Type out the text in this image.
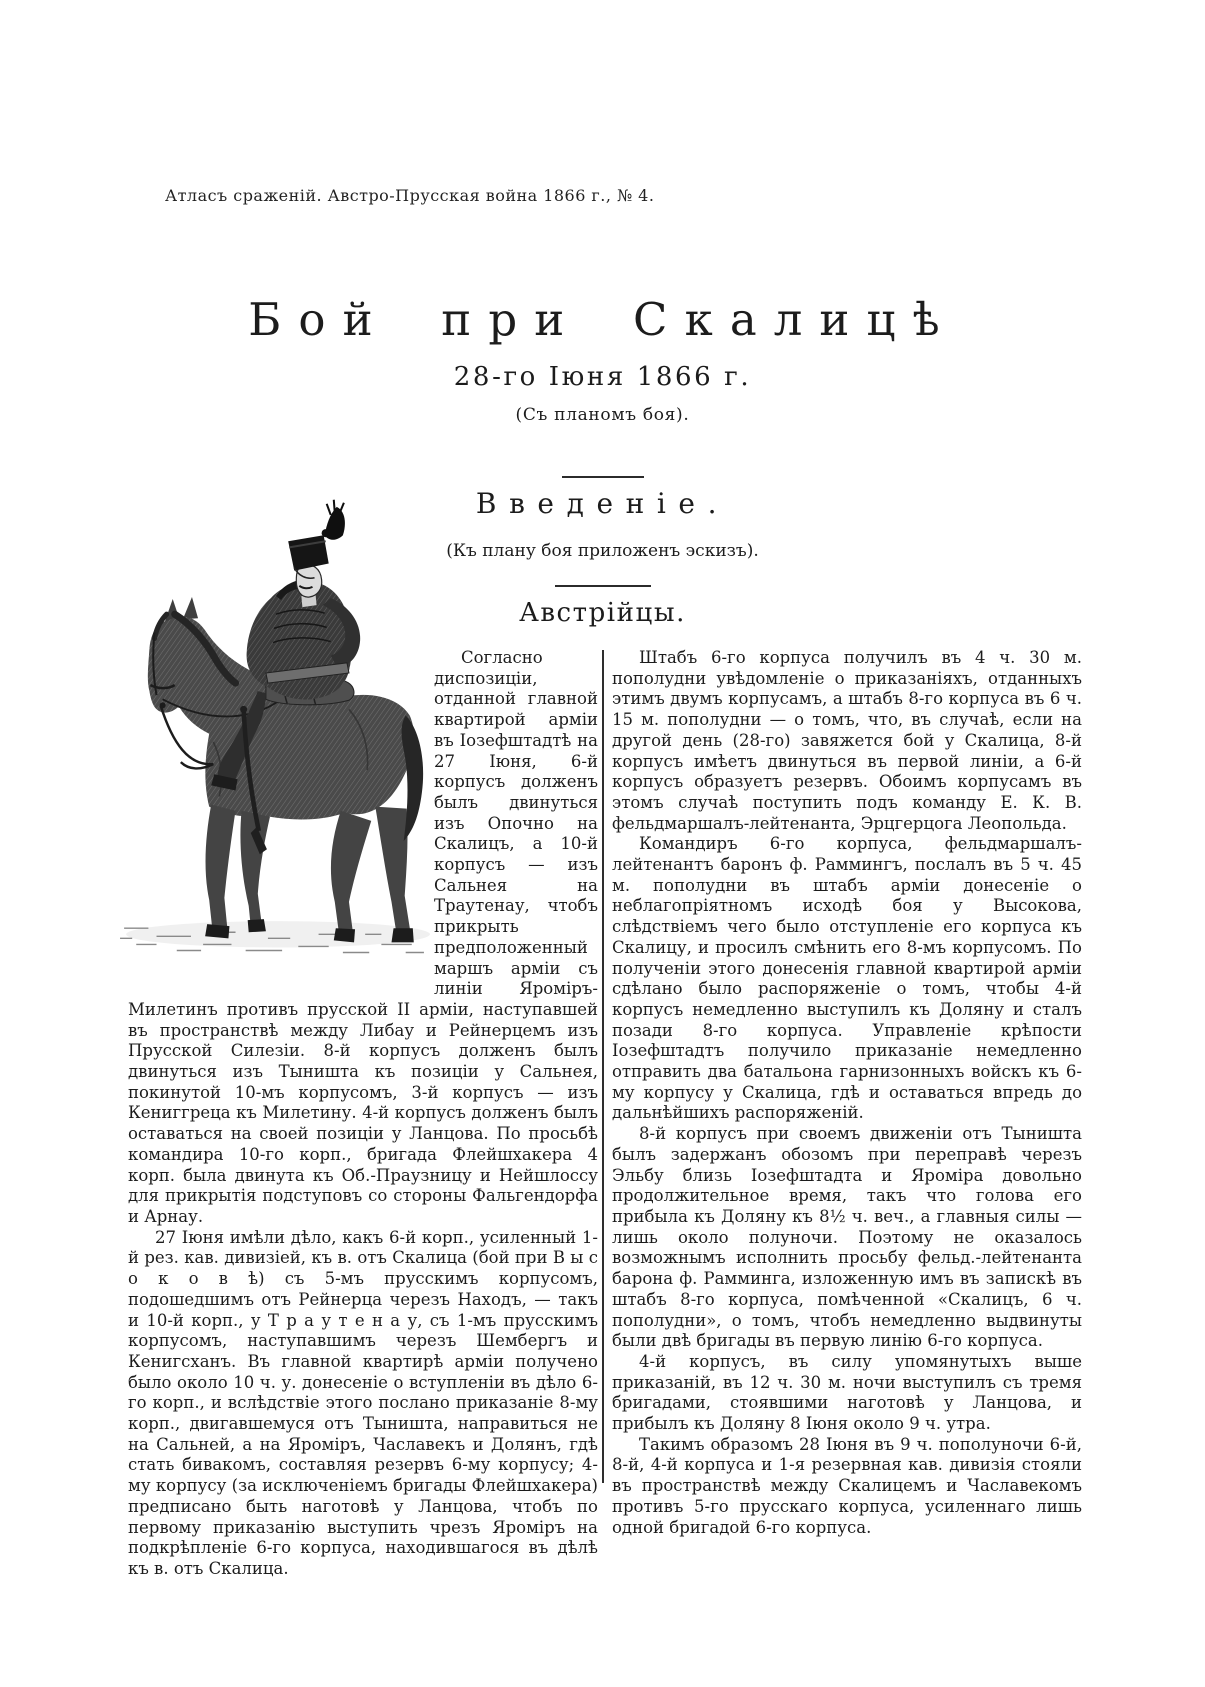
Атласъ сраженій. Австро-Прусская война 1866 г., № 4.
Бой при Скалицѣ
28-го Іюня 1866 г.
(Съ планомъ боя).
Введеніе.
(Къ плану боя приложенъ эскизъ).
Австрійцы.

Согласно диспозиціи, отданной главной квартирой арміи въ Іозефштадтѣ на 27 Іюня, 6-й корпусъ долженъ былъ двинуться изъ Опочно на Скалицъ, а 10-й корпусъ — изъ Сальнея на Траутенау, чтобъ прикрыть предположенный маршъ арміи съ линіи Яроміръ-Милетинъ противъ прусской II арміи, наступавшей въ пространствѣ между Либау и Рейнерцемъ изъ Прусской Силезіи. 8-й корпусъ долженъ былъ двинуться изъ Тыништа къ позиціи у Сальнея, покинутой 10-мъ корпусомъ, 3-й корпусъ — изъ Кениггреца къ Милетину. 4-й корпусъ долженъ былъ оставаться на своей позиціи у Ланцова. По просьбѣ командира 10-го корп., бригада Флейшхакера 4 корп. была двинута къ Об.-Праузницу и Нейшлоссу для прикрытія подступовъ со стороны Фальгендорфа и Арнау.

27 Іюня имѣли дѣло, какъ 6-й корп., усиленный 1-й рез. кав. дивизіей, къ в. отъ Скалица (бой при В ы с о к о в ѣ) съ 5-мъ прусскимъ корпусомъ, подошедшимъ отъ Рейнерца черезъ Находъ, — такъ и 10-й корп., у Т р а у т е н а у, съ 1-мъ прусскимъ корпусомъ, наступавшимъ черезъ Шембергъ и Кенигсханъ. Въ главной квартирѣ арміи получено было около 10 ч. у. донесеніе о вступленіи въ дѣло 6-го корп., и вслѣдствіе этого послано приказаніе 8-му корп., двигавшемуся отъ Тыништа, направиться не на Сальней, а на Яроміръ, Чаславекъ и Долянъ, гдѣ стать бивакомъ, составляя резервъ 6-му корпусу; 4-му корпусу (за исключеніемъ бригады Флейшхакера) предписано быть наготовѣ у Ланцова, чтобъ по первому приказанію выступить чрезъ Яроміръ на подкрѣпленіе 6-го корпуса, находившагося въ дѣлѣ къ в. отъ Скалица.

Штабъ 6-го корпуса получилъ въ 4 ч. 30 м. пополудни увѣдомленіе о приказаніяхъ, отданныхъ этимъ двумъ корпусамъ, а штабъ 8-го корпуса въ 6 ч. 15 м. пополудни — о томъ, что, въ случаѣ, если на другой день (28-го) завяжется бой у Скалица, 8-й корпусъ имѣетъ двинуться въ первой линіи, а 6-й корпусъ образуетъ резервъ. Обоимъ корпусамъ въ этомъ случаѣ поступить подъ команду Е. К. В. фельдмаршалъ-лейтенанта, Эрцгерцога Леопольда.

Командиръ 6-го корпуса, фельдмаршалъ-лейтенантъ баронъ ф. Раммингъ, послалъ въ 5 ч. 45 м. пополудни въ штабъ арміи донесеніе о неблагопріятномъ исходѣ боя у Высокова, слѣдствіемъ чего было отступленіе его корпуса къ Скалицу, и просилъ смѣнить его 8-мъ корпусомъ. По полученіи этого донесенія главной квартирой арміи сдѣлано было распоряженіе о томъ, чтобы 4-й корпусъ немедленно выступилъ къ Доляну и сталъ позади 8-го корпуса. Управленіе крѣпости Іозефштадтъ получило приказаніе немедленно отправить два батальона гарнизонныхъ войскъ къ 6-му корпусу у Скалица, гдѣ и оставаться впредь до дальнѣйшихъ распоряженій.

8-й корпусъ при своемъ движеніи отъ Тыништа былъ задержанъ обозомъ при переправѣ черезъ Эльбу близь Іозефштадта и Яроміра довольно продолжительное время, такъ что голова его прибыла къ Доляну къ 8½ ч. веч., а главныя силы — лишь около полуночи. Поэтому не оказалось возможнымъ исполнить просьбу фельд.-лейтенанта барона ф. Рамминга, изложенную имъ въ запискѣ въ штабъ 8-го корпуса, помѣченной «Скалицъ, 6 ч. пополудни», о томъ, чтобъ немедленно выдвинуты были двѣ бригады въ первую линію 6-го корпуса.

4-й корпусъ, въ силу упомянутыхъ выше приказаній, въ 12 ч. 30 м. ночи выступилъ съ тремя бригадами, стоявшими наготовѣ у Ланцова, и прибылъ къ Доляну 8 Іюня около 9 ч. утра.

Такимъ образомъ 28 Іюня въ 9 ч. пополуночи 6-й, 8-й, 4-й корпуса и 1-я резервная кав. дивизія стояли въ пространствѣ между Скалицемъ и Чаславекомъ противъ 5-го прусскаго корпуса, усиленнаго лишь одной бригадой 6-го корпуса.
